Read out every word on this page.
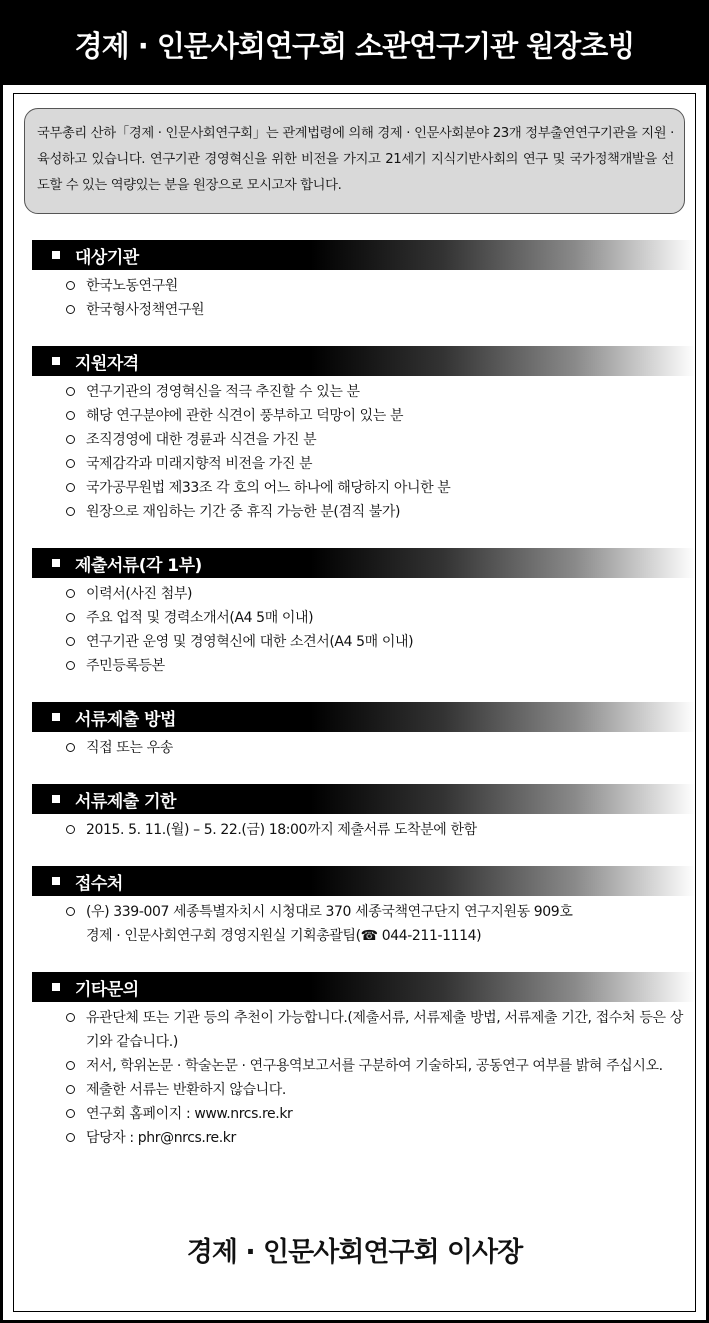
경제 · 인문사회연구회 소관연구기관 원장초빙
국무총리 산하「경제 · 인문사회연구회」는 관계법령에 의해 경제 · 인문사회분야 23개 정부출연연구기관을 지원 · 육성하고 있습니다. 연구기관 경영혁신을 위한 비전을 가지고 21세기 지식기반사회의 연구 및 국가정책개발을 선도할 수 있는 역량있는 분을 원장으로 모시고자 합니다.
대상기관
한국노동연구원
한국형사정책연구원
지원자격
연구기관의 경영혁신을 적극 추진할 수 있는 분
해당 연구분야에 관한 식견이 풍부하고 덕망이 있는 분
조직경영에 대한 경륜과 식견을 가진 분
국제감각과 미래지향적 비전을 가진 분
국가공무원법 제33조 각 호의 어느 하나에 해당하지 아니한 분
원장으로 재임하는 기간 중 휴직 가능한 분(겸직 불가)
제출서류(각 1부)
이력서(사진 첨부)
주요 업적 및 경력소개서(A4 5매 이내)
연구기관 운영 및 경영혁신에 대한 소견서(A4 5매 이내)
주민등록등본
서류제출 방법
직접 또는 우송
서류제출 기한
2015. 5. 11.(월) – 5. 22.(금) 18:00까지 제출서류 도착분에 한함
접수처
(우) 339-007 세종특별자치시 시청대로 370 세종국책연구단지 연구지원동 909호
경제 · 인문사회연구회 경영지원실 기획총괄팀(☎ 044-211-1114)
기타문의
유관단체 또는 기관 등의 추천이 가능합니다.(제출서류, 서류제출 방법, 서류제출 기간, 접수처 등은 상기와 같습니다.)
저서, 학위논문 · 학술논문 · 연구용역보고서를 구분하여 기술하되, 공동연구 여부를 밝혀 주십시오.
제출한 서류는 반환하지 않습니다.
연구회 홈페이지 : www.nrcs.re.kr
담당자 : phr@nrcs.re.kr
경제 · 인문사회연구회 이사장
